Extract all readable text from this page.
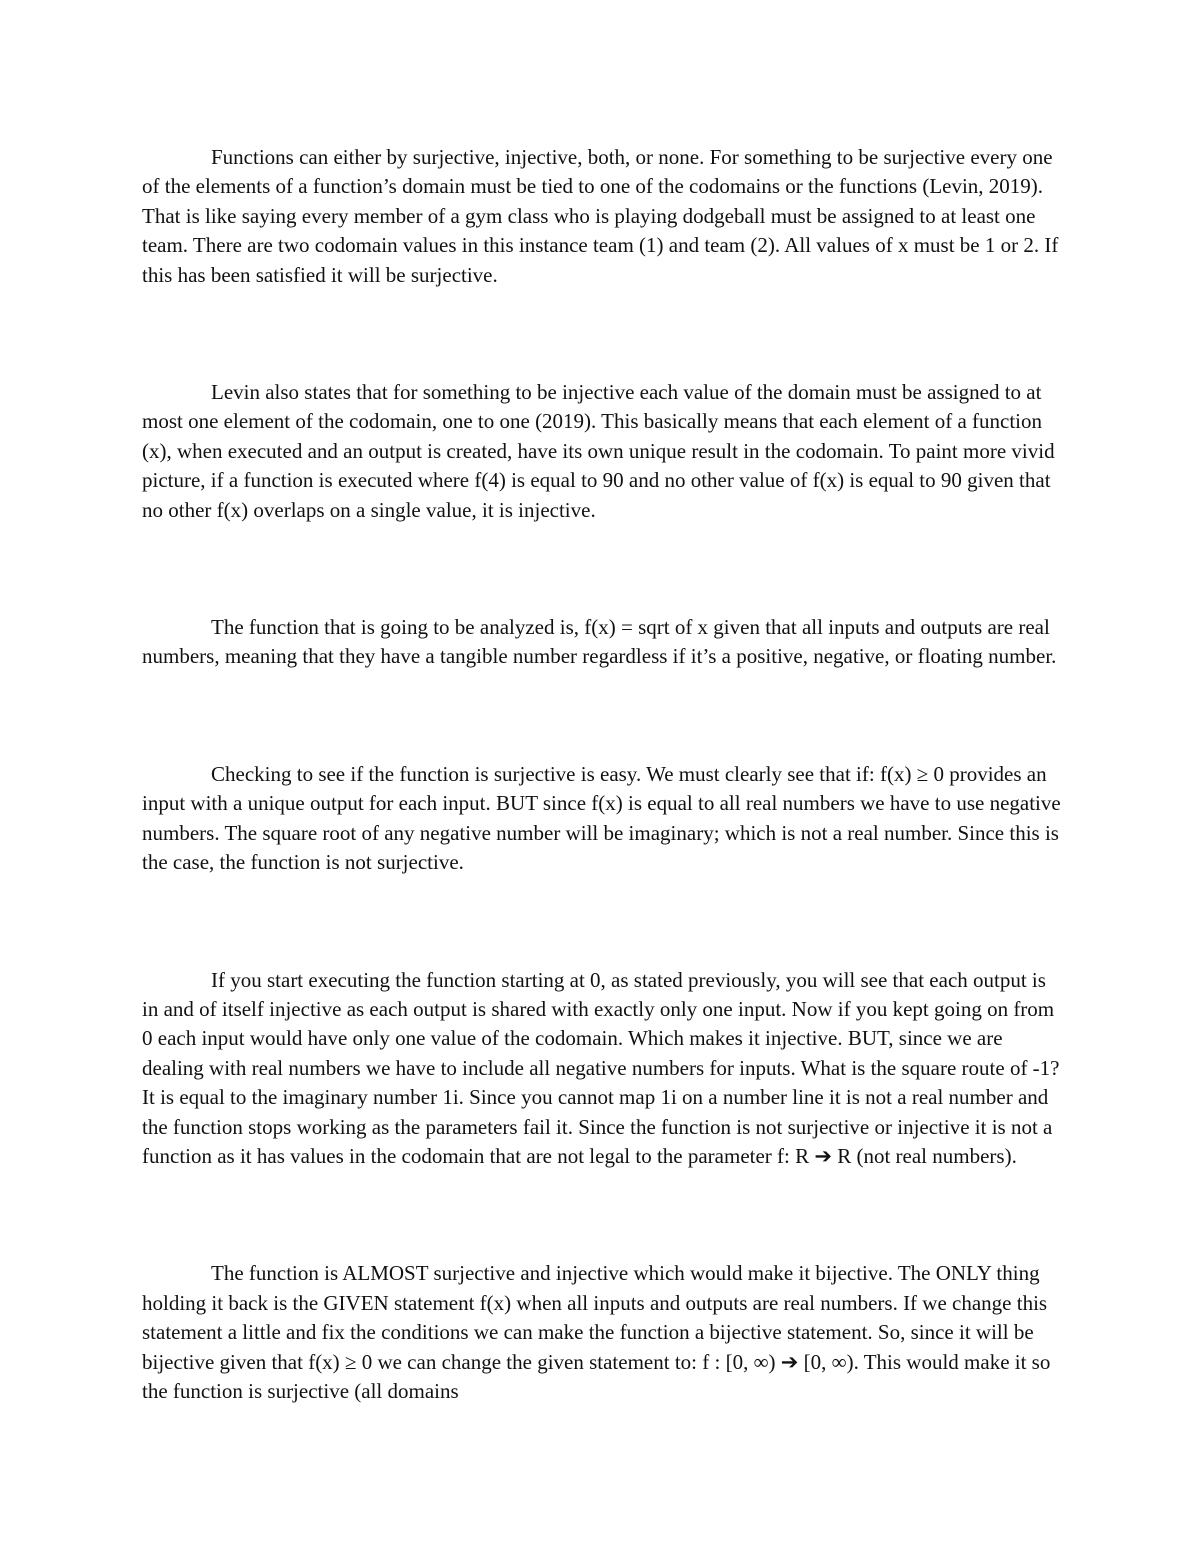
Functions can either by surjective, injective, both, or none. For something to be surjective every one of the elements of a function’s domain must be tied to one of the codomains or the functions (Levin, 2019). That is like saying every member of a gym class who is playing dodgeball must be assigned to at least one team. There are two codomain values in this instance team (1) and team (2). All values of x must be 1 or 2. If this has been satisfied it will be surjective.

Levin also states that for something to be injective each value of the domain must be assigned to at most one element of the codomain, one to one (2019). This basically means that each element of a function (x), when executed and an output is created, have its own unique result in the codomain. To paint more vivid picture, if a function is executed where f(4) is equal to 90 and no other value of f(x) is equal to 90 given that no other f(x) overlaps on a single value, it is injective.

The function that is going to be analyzed is, f(x) = sqrt of x given that all inputs and outputs are real numbers, meaning that they have a tangible number regardless if it’s a positive, negative, or floating number.

Checking to see if the function is surjective is easy. We must clearly see that if: f(x) ≥ 0 provides an input with a unique output for each input. BUT since f(x) is equal to all real numbers we have to use negative numbers. The square root of any negative number will be imaginary; which is not a real number. Since this is the case, the function is not surjective.

If you start executing the function starting at 0, as stated previously, you will see that each output is in and of itself injective as each output is shared with exactly only one input. Now if you kept going on from 0 each input would have only one value of the codomain. Which makes it injective. BUT, since we are dealing with real numbers we have to include all negative numbers for inputs. What is the square route of -1? It is equal to the imaginary number 1i. Since you cannot map 1i on a number line it is not a real number and the function stops working as the parameters fail it. Since the function is not surjective or injective it is not a function as it has values in the codomain that are not legal to the parameter f: R ➔ R (not real numbers).

The function is ALMOST surjective and injective which would make it bijective. The ONLY thing holding it back is the GIVEN statement f(x) when all inputs and outputs are real numbers. If we change this statement a little and fix the conditions we can make the function a bijective statement. So, since it will be bijective given that f(x) ≥ 0 we can change the given statement to: f : [0, ∞) ➔ [0, ∞). This would make it so the function is surjective (all domains
